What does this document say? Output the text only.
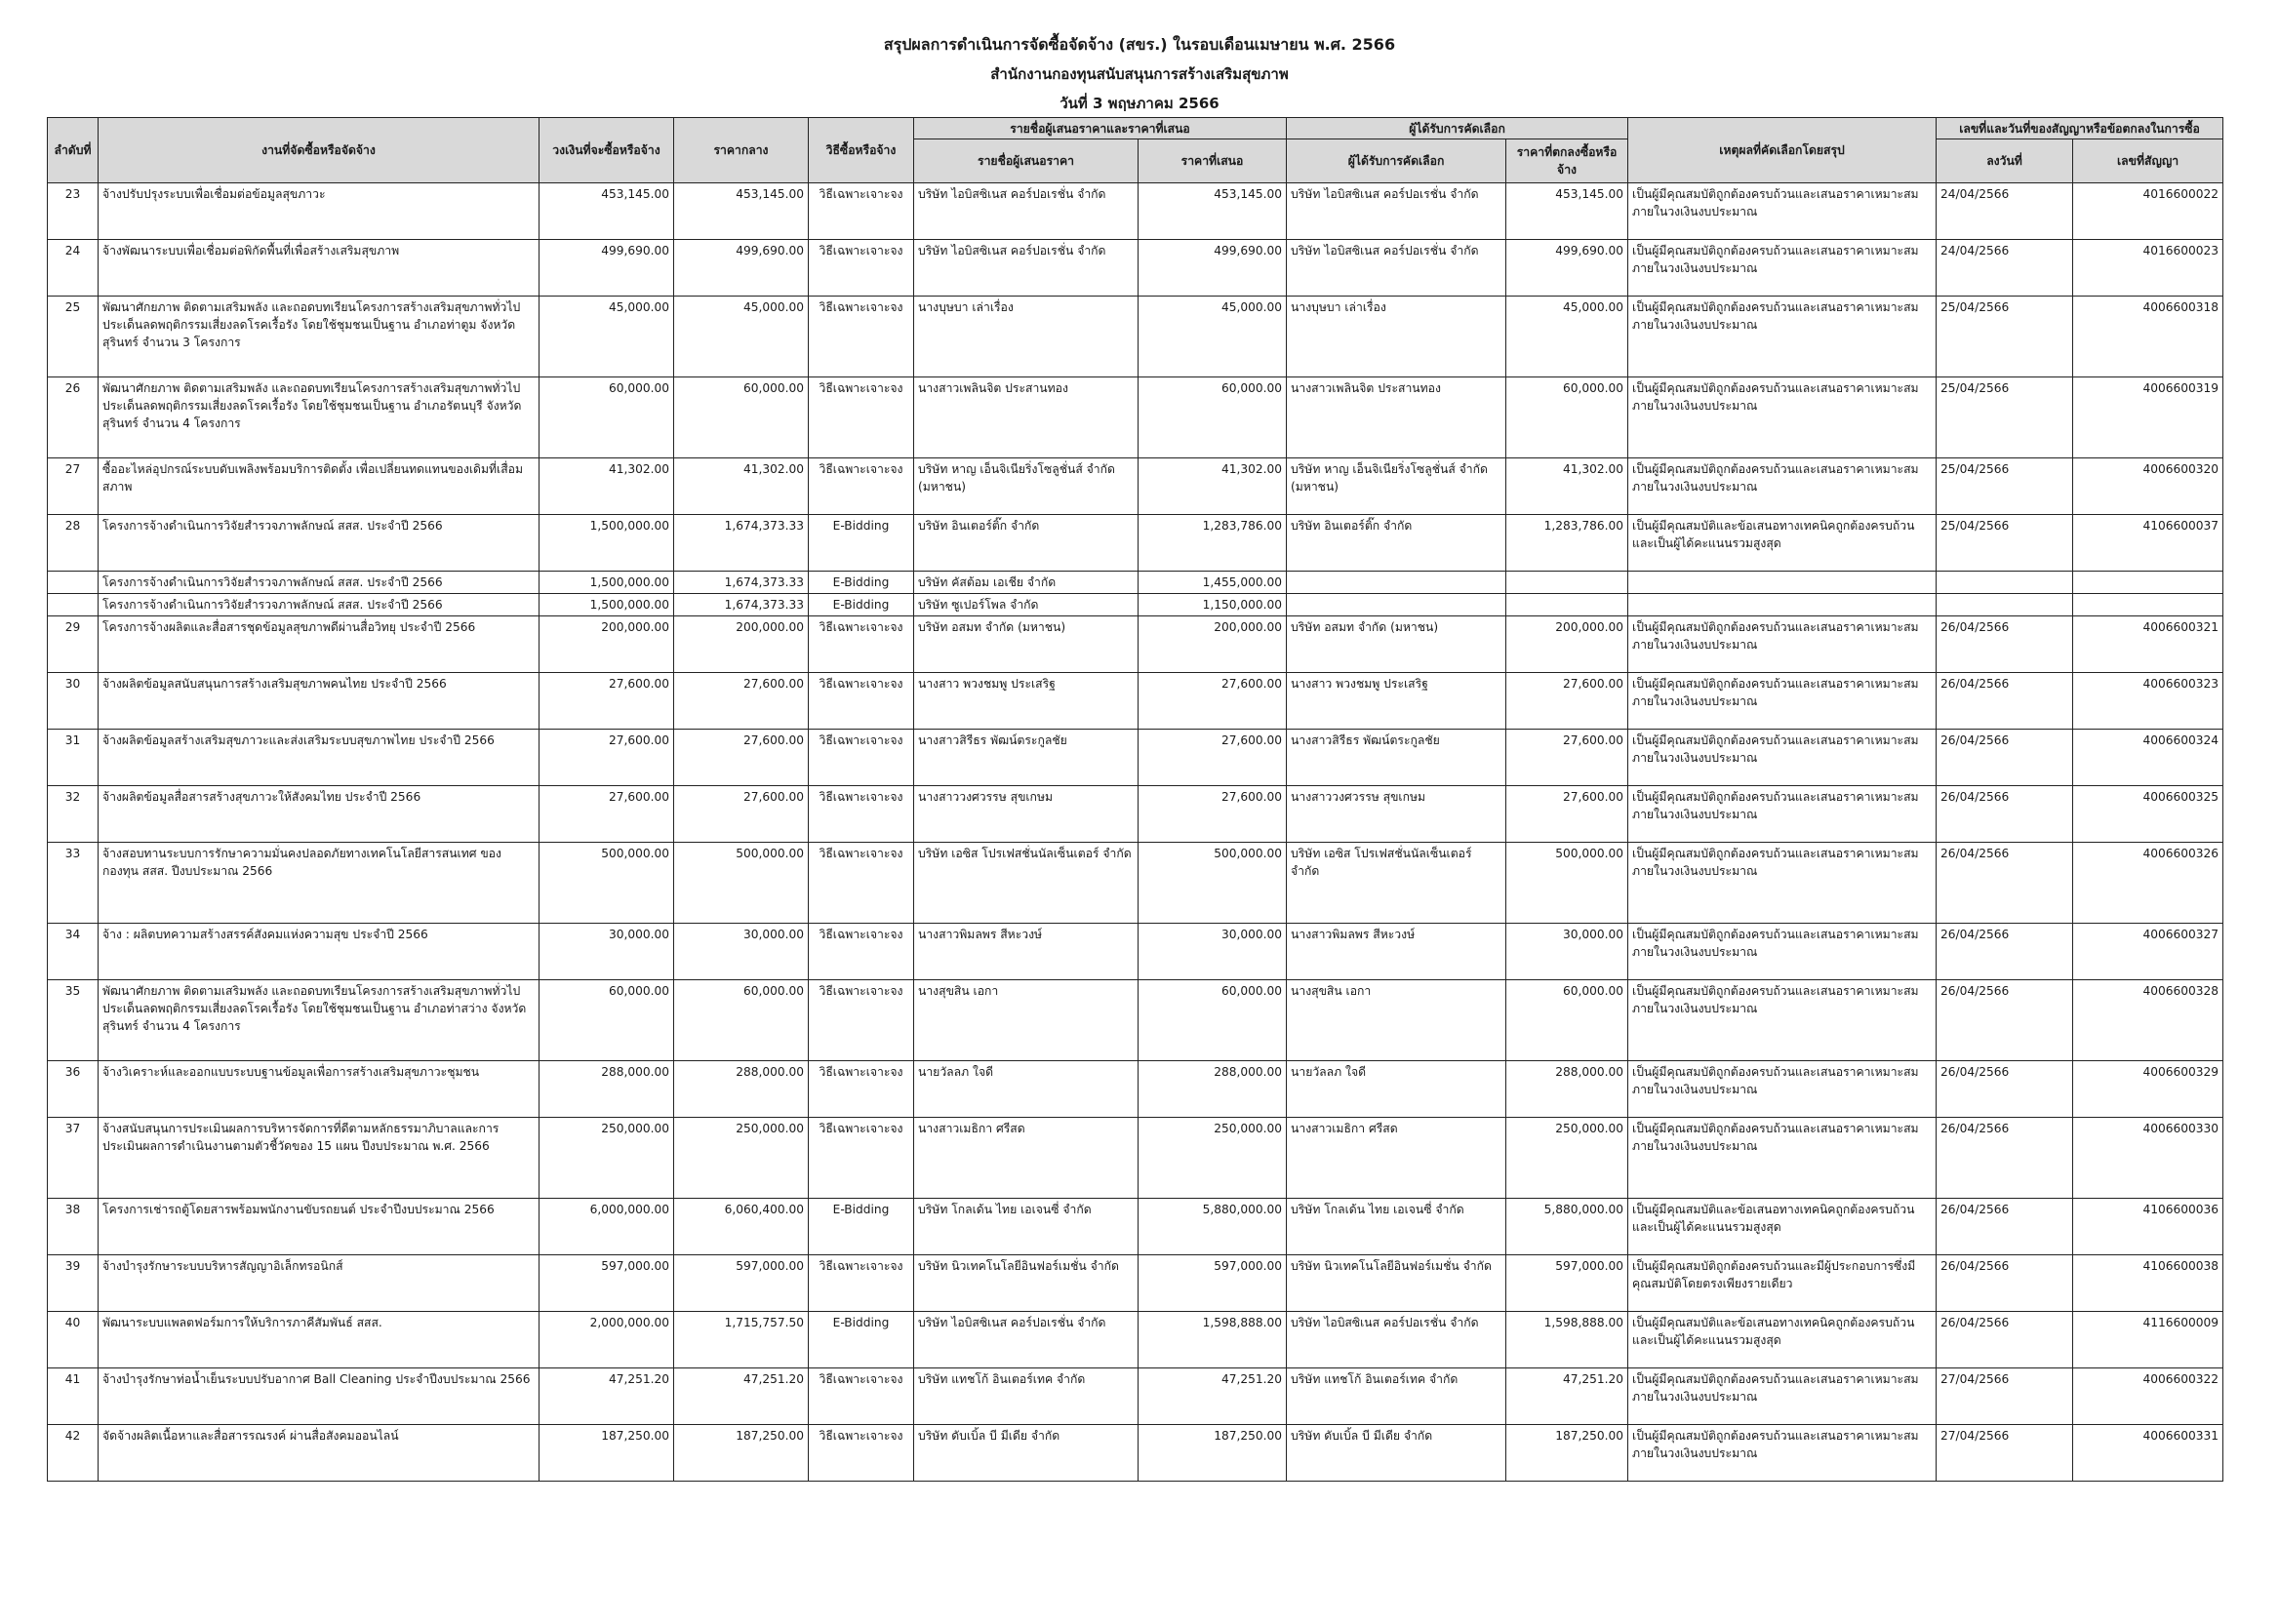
สรุปผลการดำเนินการจัดซื้อจัดจ้าง (สขร.) ในรอบเดือนเมษายน พ.ศ. 2566
สำนักงานกองทุนสนับสนุนการสร้างเสริมสุขภาพ
วันที่ 3 พฤษภาคม 2566
ลำดับที่	งานที่จัดซื้อหรือจัดจ้าง	วงเงินที่จะซื้อหรือจ้าง	ราคากลาง	วิธีซื้อหรือจ้าง	รายชื่อผู้เสนอราคาและราคาที่เสนอ		ผู้ได้รับการคัดเลือก		เหตุผลที่คัดเลือกโดยสรุป	เลขที่และวันที่ของสัญญาหรือข้อตกลงในการซื้อ	
					รายชื่อผู้เสนอราคา	ราคาที่เสนอ	ผู้ได้รับการคัดเลือก	ราคาที่ตกลงซื้อหรือจ้าง		ลงวันที่	เลขที่สัญญา
23	จ้างปรับปรุงระบบเพื่อเชื่อมต่อข้อมูลสุขภาวะ	453,145.00	453,145.00	วิธีเฉพาะเจาะจง	บริษัท ไอบิสซิเนส คอร์ปอเรชั่น จำกัด	453,145.00	บริษัท ไอบิสซิเนส คอร์ปอเรชั่น จำกัด	453,145.00	เป็นผู้มีคุณสมบัติถูกต้องครบถ้วนและเสนอราคาเหมาะสมภายในวงเงินงบประมาณ	24/04/2566	4016600022
24	จ้างพัฒนาระบบเพื่อเชื่อมต่อพิกัดพื้นที่เพื่อสร้างเสริมสุขภาพ	499,690.00	499,690.00	วิธีเฉพาะเจาะจง	บริษัท ไอบิสซิเนส คอร์ปอเรชั่น จำกัด	499,690.00	บริษัท ไอบิสซิเนส คอร์ปอเรชั่น จำกัด	499,690.00	เป็นผู้มีคุณสมบัติถูกต้องครบถ้วนและเสนอราคาเหมาะสมภายในวงเงินงบประมาณ	24/04/2566	4016600023
25	พัฒนาศักยภาพ ติดตามเสริมพลัง และถอดบทเรียนโครงการสร้างเสริมสุขภาพทั่วไป ประเด็นลดพฤติกรรมเสี่ยงลดโรคเรื้อรัง โดยใช้ชุมชนเป็นฐาน อำเภอท่าตูม จังหวัดสุรินทร์ จำนวน 3 โครงการ	45,000.00	45,000.00	วิธีเฉพาะเจาะจง	นางบุษบา เล่าเรื่อง	45,000.00	นางบุษบา เล่าเรื่อง	45,000.00	เป็นผู้มีคุณสมบัติถูกต้องครบถ้วนและเสนอราคาเหมาะสมภายในวงเงินงบประมาณ	25/04/2566	4006600318
26	พัฒนาศักยภาพ ติดตามเสริมพลัง และถอดบทเรียนโครงการสร้างเสริมสุขภาพทั่วไป ประเด็นลดพฤติกรรมเสี่ยงลดโรคเรื้อรัง โดยใช้ชุมชนเป็นฐาน อำเภอรัตนบุรี จังหวัดสุรินทร์ จำนวน 4 โครงการ	60,000.00	60,000.00	วิธีเฉพาะเจาะจง	นางสาวเพลินจิต ประสานทอง	60,000.00	นางสาวเพลินจิต ประสานทอง	60,000.00	เป็นผู้มีคุณสมบัติถูกต้องครบถ้วนและเสนอราคาเหมาะสมภายในวงเงินงบประมาณ	25/04/2566	4006600319
27	ซื้ออะไหล่อุปกรณ์ระบบดับเพลิงพร้อมบริการติดตั้ง เพื่อเปลี่ยนทดแทนของเดิมที่เสื่อมสภาพ	41,302.00	41,302.00	วิธีเฉพาะเจาะจง	บริษัท หาญ เอ็นจิเนียริ่งโซลูชั่นส์ จำกัด (มหาชน)	41,302.00	บริษัท หาญ เอ็นจิเนียริ่งโซลูชั่นส์ จำกัด (มหาชน)	41,302.00	เป็นผู้มีคุณสมบัติถูกต้องครบถ้วนและเสนอราคาเหมาะสมภายในวงเงินงบประมาณ	25/04/2566	4006600320
28	โครงการจ้างดำเนินการวิจัยสำรวจภาพลักษณ์ สสส. ประจำปี 2566	1,500,000.00	1,674,373.33	E-Bidding	บริษัท อินเตอร์ติ๊ก จำกัด	1,283,786.00	บริษัท อินเตอร์ติ๊ก จำกัด	1,283,786.00	เป็นผู้มีคุณสมบัติและข้อเสนอทางเทคนิคถูกต้องครบถ้วนและเป็นผู้ได้คะแนนรวมสูงสุด	25/04/2566	4106600037
	โครงการจ้างดำเนินการวิจัยสำรวจภาพลักษณ์ สสส. ประจำปี 2566	1,500,000.00	1,674,373.33	E-Bidding	บริษัท คัสต้อม เอเชีย จำกัด	1,455,000.00					
	โครงการจ้างดำเนินการวิจัยสำรวจภาพลักษณ์ สสส. ประจำปี 2566	1,500,000.00	1,674,373.33	E-Bidding	บริษัท ซูเปอร์โพล จำกัด	1,150,000.00					
29	โครงการจ้างผลิตและสื่อสารชุดข้อมูลสุขภาพดีผ่านสื่อวิทยุ ประจำปี 2566	200,000.00	200,000.00	วิธีเฉพาะเจาะจง	บริษัท อสมท จำกัด (มหาชน)	200,000.00	บริษัท อสมท จำกัด (มหาชน)	200,000.00	เป็นผู้มีคุณสมบัติถูกต้องครบถ้วนและเสนอราคาเหมาะสมภายในวงเงินงบประมาณ	26/04/2566	4006600321
30	จ้างผลิตข้อมูลสนับสนุนการสร้างเสริมสุขภาพคนไทย ประจำปี 2566	27,600.00	27,600.00	วิธีเฉพาะเจาะจง	นางสาว พวงชมพู ประเสริฐ	27,600.00	นางสาว พวงชมพู ประเสริฐ	27,600.00	เป็นผู้มีคุณสมบัติถูกต้องครบถ้วนและเสนอราคาเหมาะสมภายในวงเงินงบประมาณ	26/04/2566	4006600323
31	จ้างผลิตข้อมูลสร้างเสริมสุขภาวะและส่งเสริมระบบสุขภาพไทย ประจำปี 2566	27,600.00	27,600.00	วิธีเฉพาะเจาะจง	นางสาวสิรีธร พัฒน์ตระกูลชัย	27,600.00	นางสาวสิรีธร พัฒน์ตระกูลชัย	27,600.00	เป็นผู้มีคุณสมบัติถูกต้องครบถ้วนและเสนอราคาเหมาะสมภายในวงเงินงบประมาณ	26/04/2566	4006600324
32	จ้างผลิตข้อมูลสื่อสารสร้างสุขภาวะให้สังคมไทย ประจำปี 2566	27,600.00	27,600.00	วิธีเฉพาะเจาะจง	นางสาววงศวรรษ สุขเกษม	27,600.00	นางสาววงศวรรษ สุขเกษม	27,600.00	เป็นผู้มีคุณสมบัติถูกต้องครบถ้วนและเสนอราคาเหมาะสมภายในวงเงินงบประมาณ	26/04/2566	4006600325
33	จ้างสอบทานระบบการรักษาความมั่นคงปลอดภัยทางเทคโนโลยีสารสนเทศ ของ กองทุน สสส. ปีงบประมาณ 2566	500,000.00	500,000.00	วิธีเฉพาะเจาะจง	บริษัท เอซิส โปรเฟสชั่นนัลเซ็นเตอร์ จำกัด	500,000.00	บริษัท เอซิส โปรเฟสชั่นนัลเซ็นเตอร์ จำกัด	500,000.00	เป็นผู้มีคุณสมบัติถูกต้องครบถ้วนและเสนอราคาเหมาะสมภายในวงเงินงบประมาณ	26/04/2566	4006600326
34	จ้าง : ผลิตบทความสร้างสรรค์สังคมแห่งความสุข ประจำปี 2566	30,000.00	30,000.00	วิธีเฉพาะเจาะจง	นางสาวพิมลพร สีหะวงษ์	30,000.00	นางสาวพิมลพร สีหะวงษ์	30,000.00	เป็นผู้มีคุณสมบัติถูกต้องครบถ้วนและเสนอราคาเหมาะสมภายในวงเงินงบประมาณ	26/04/2566	4006600327
35	พัฒนาศักยภาพ ติดตามเสริมพลัง และถอดบทเรียนโครงการสร้างเสริมสุขภาพทั่วไป ประเด็นลดพฤติกรรมเสี่ยงลดโรคเรื้อรัง โดยใช้ชุมชนเป็นฐาน อำเภอท่าสว่าง จังหวัดสุรินทร์ จำนวน 4 โครงการ	60,000.00	60,000.00	วิธีเฉพาะเจาะจง	นางสุขสิน เอกา	60,000.00	นางสุขสิน เอกา	60,000.00	เป็นผู้มีคุณสมบัติถูกต้องครบถ้วนและเสนอราคาเหมาะสมภายในวงเงินงบประมาณ	26/04/2566	4006600328
36	จ้างวิเคราะห์และออกแบบระบบฐานข้อมูลเพื่อการสร้างเสริมสุขภาวะชุมชน	288,000.00	288,000.00	วิธีเฉพาะเจาะจง	นายวัลลภ ใจดี	288,000.00	นายวัลลภ ใจดี	288,000.00	เป็นผู้มีคุณสมบัติถูกต้องครบถ้วนและเสนอราคาเหมาะสมภายในวงเงินงบประมาณ	26/04/2566	4006600329
37	จ้างสนับสนุนการประเมินผลการบริหารจัดการที่ดีตามหลักธรรมาภิบาลและการประเมินผลการดำเนินงานตามตัวชี้วัดของ 15 แผน ปีงบประมาณ พ.ศ. 2566	250,000.00	250,000.00	วิธีเฉพาะเจาะจง	นางสาวเมธิกา ศรีสด	250,000.00	นางสาวเมธิกา ศรีสด	250,000.00	เป็นผู้มีคุณสมบัติถูกต้องครบถ้วนและเสนอราคาเหมาะสมภายในวงเงินงบประมาณ	26/04/2566	4006600330
38	โครงการเช่ารถตู้โดยสารพร้อมพนักงานขับรถยนต์ ประจำปีงบประมาณ 2566	6,000,000.00	6,060,400.00	E-Bidding	บริษัท โกลเด้น ไทย เอเจนซี่ จำกัด	5,880,000.00	บริษัท โกลเด้น ไทย เอเจนซี่ จำกัด	5,880,000.00	เป็นผู้มีคุณสมบัติและข้อเสนอทางเทคนิคถูกต้องครบถ้วนและเป็นผู้ได้คะแนนรวมสูงสุด	26/04/2566	4106600036
39	จ้างบำรุงรักษาระบบบริหารสัญญาอิเล็กทรอนิกส์	597,000.00	597,000.00	วิธีเฉพาะเจาะจง	บริษัท นิวเทคโนโลยีอินฟอร์เมชั่น จำกัด	597,000.00	บริษัท นิวเทคโนโลยีอินฟอร์เมชั่น จำกัด	597,000.00	เป็นผู้มีคุณสมบัติถูกต้องครบถ้วนและมีผู้ประกอบการซึ่งมีคุณสมบัติโดยตรงเพียงรายเดียว	26/04/2566	4106600038
40	พัฒนาระบบแพลตฟอร์มการให้บริการภาคีสัมพันธ์ สสส.	2,000,000.00	1,715,757.50	E-Bidding	บริษัท ไอบิสซิเนส คอร์ปอเรชั่น จำกัด	1,598,888.00	บริษัท ไอบิสซิเนส คอร์ปอเรชั่น จำกัด	1,598,888.00	เป็นผู้มีคุณสมบัติและข้อเสนอทางเทคนิคถูกต้องครบถ้วนและเป็นผู้ได้คะแนนรวมสูงสุด	26/04/2566	4116600009
41	จ้างบำรุงรักษาท่อน้ำเย็นระบบปรับอากาศ Ball Cleaning ประจำปีงบประมาณ 2566	47,251.20	47,251.20	วิธีเฉพาะเจาะจง	บริษัท แทชโก้ อินเตอร์เทค จำกัด	47,251.20	บริษัท แทชโก้ อินเตอร์เทค จำกัด	47,251.20	เป็นผู้มีคุณสมบัติถูกต้องครบถ้วนและเสนอราคาเหมาะสมภายในวงเงินงบประมาณ	27/04/2566	4006600322
42	จัดจ้างผลิตเนื้อหาและสื่อสารรณรงค์ ผ่านสื่อสังคมออนไลน์	187,250.00	187,250.00	วิธีเฉพาะเจาะจง	บริษัท ดับเบิ้ล บี มีเดีย จำกัด	187,250.00	บริษัท ดับเบิ้ล บี มีเดีย จำกัด	187,250.00	เป็นผู้มีคุณสมบัติถูกต้องครบถ้วนและเสนอราคาเหมาะสมภายในวงเงินงบประมาณ	27/04/2566	4006600331
